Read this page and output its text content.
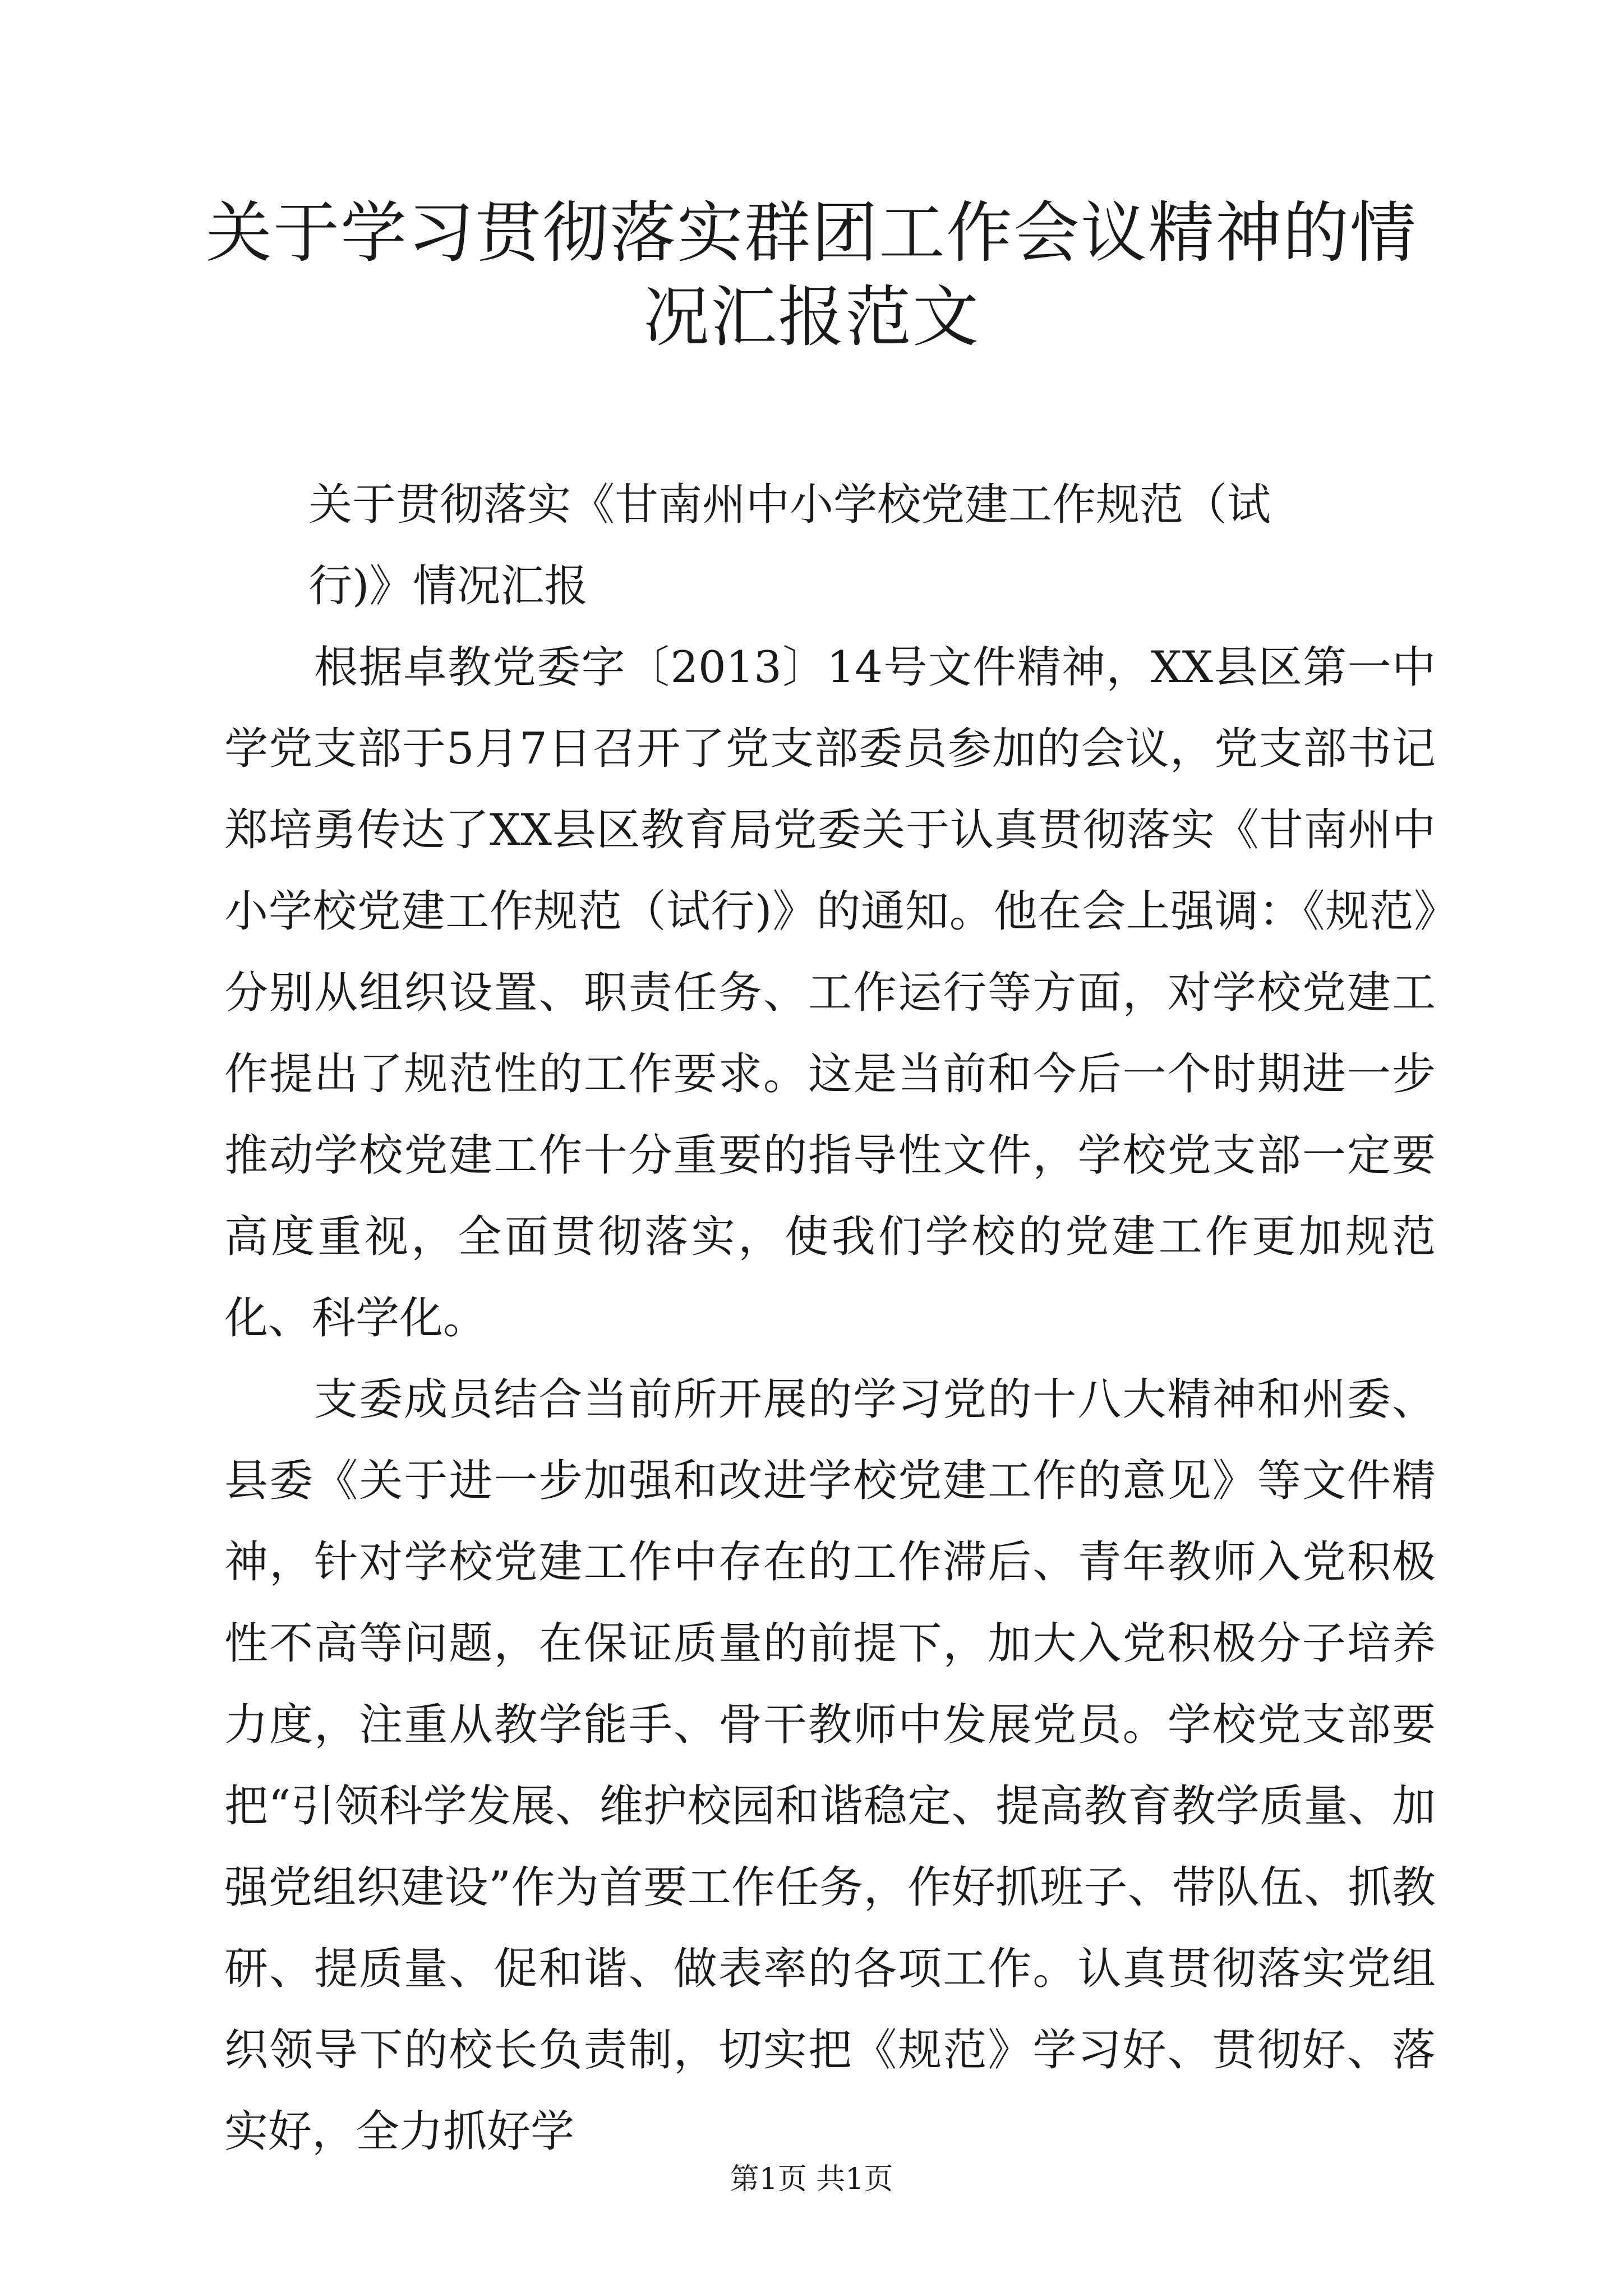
关于学习贯彻落实群团工作会议精神的情况汇报范文

关于贯彻落实《甘南州中小学校党建工作规范（试

行)》情况汇报

根据卓教党委字〔2013〕14号文件精神，XX县区第一中学党支部于5月7日召开了党支部委员参加的会议，党支部书记郑培勇传达了XX县区教育局党委关于认真贯彻落实《甘南州中小学校党建工作规范（试行)》的通知。他在会上强调：《规范》分别从组织设置、职责任务、工作运行等方面，对学校党建工作提出了规范性的工作要求。这是当前和今后一个时期进一步推动学校党建工作十分重要的指导性文件，学校党支部一定要高度重视，全面贯彻落实，使我们学校的党建工作更加规范化、科学化。

支委成员结合当前所开展的学习党的十八大精神和州委、县委《关于进一步加强和改进学校党建工作的意见》等文件精神，针对学校党建工作中存在的工作滞后、青年教师入党积极性不高等问题，在保证质量的前提下，加大入党积极分子培养力度，注重从教学能手、骨干教师中发展党员。学校党支部要把“引领科学发展、维护校园和谐稳定、提高教育教学质量、加强党组织建设”作为首要工作任务，作好抓班子、带队伍、抓教研、提质量、促和谐、做表率的各项工作。认真贯彻落实党组织领导下的校长负责制，切实把《规范》学习好、贯彻好、落实好，全力抓好学

第1页 共1页
